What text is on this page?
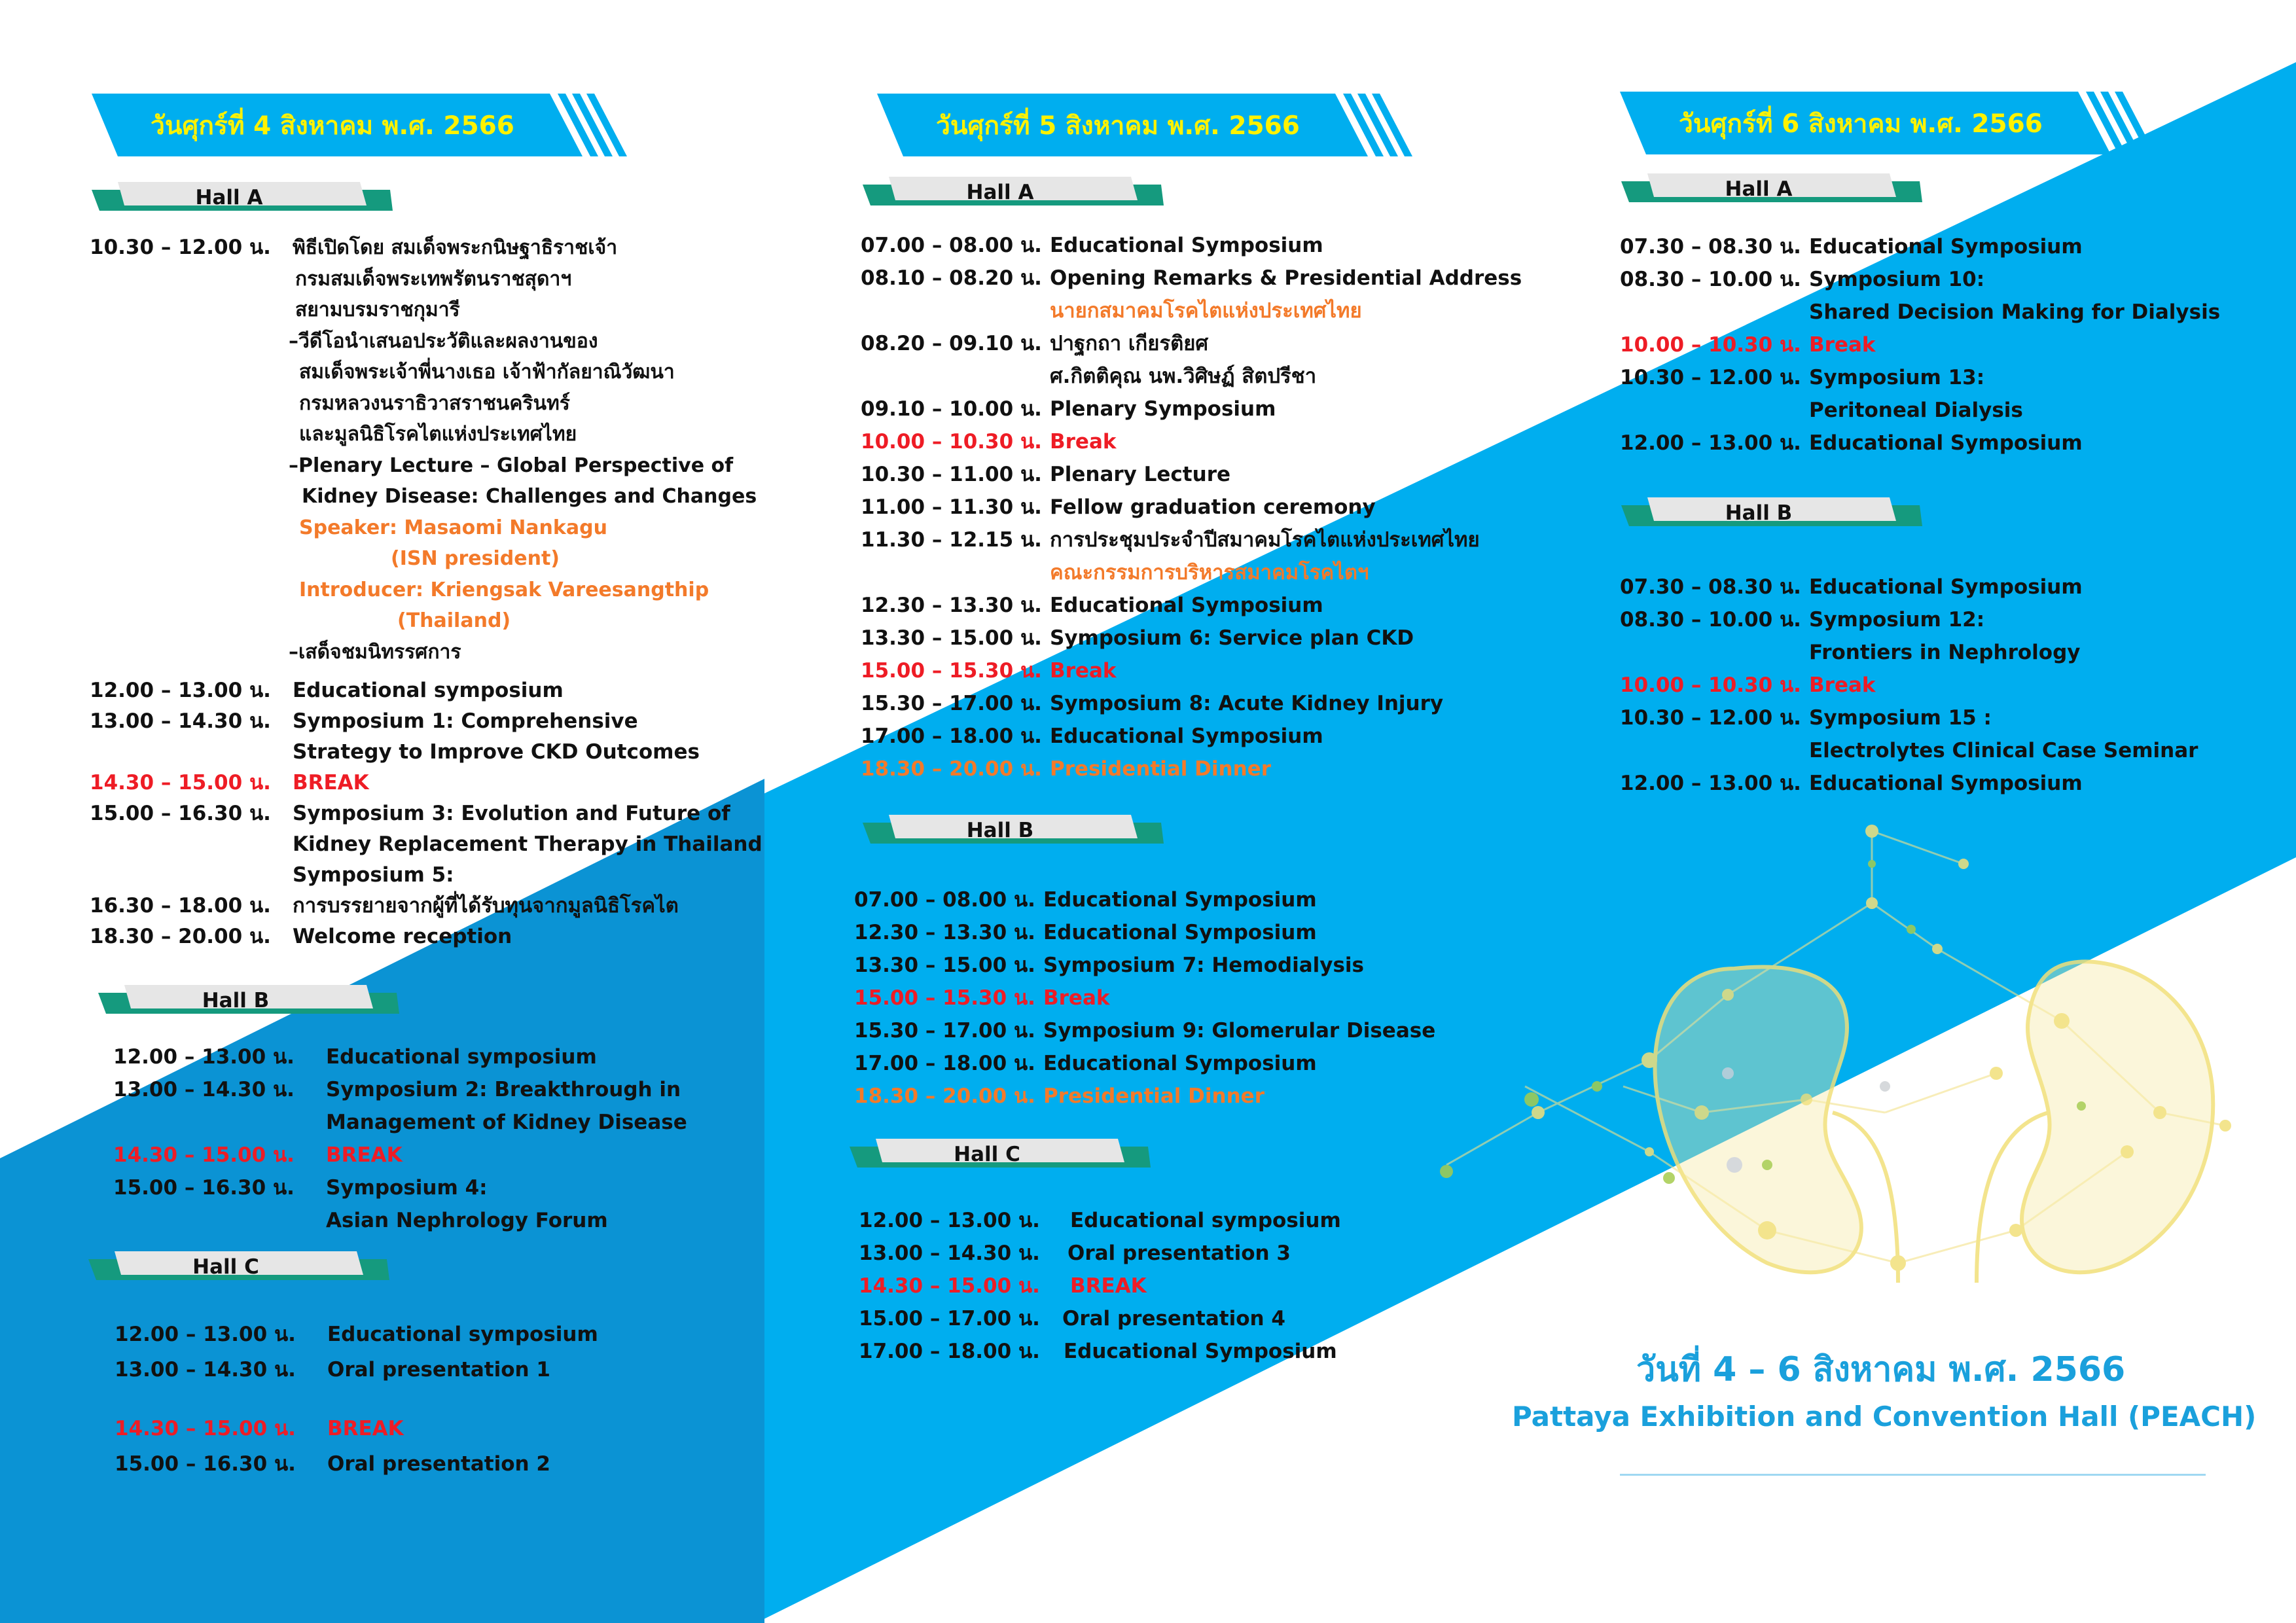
วันศุกร์ที่ 4 สิงหาคม พ.ศ. 2566
Hall A
10.30 – 12.00 น.	พิธีเปิดโดย สมเด็จพระกนิษฐาธิราชเจ้า
กรมสมเด็จพระเทพรัตนราชสุดาฯ
สยามบรมราชกุมารี
–วีดีโอนำเสนอประวัติและผลงานของ
สมเด็จพระเจ้าพี่นางเธอ เจ้าฟ้ากัลยาณิวัฒนา
กรมหลวงนราธิวาสราชนครินทร์
และมูลนิธิโรคไตแห่งประเทศไทย
–Plenary Lecture – Global Perspective of
Kidney Disease: Challenges and Changes
Speaker: Masaomi Nankagu
(ISN president)
Introducer: Kriengsak Vareesangthip
(Thailand)
–เสด็จชมนิทรรศการ
12.00 – 13.00 น.	Educational symposium
13.00 – 14.30 น.	Symposium 1: Comprehensive
Strategy to Improve CKD Outcomes
14.30 – 15.00 น.	BREAK
15.00 – 16.30 น.	Symposium 3: Evolution and Future of
Kidney Replacement Therapy in Thailand
Symposium 5:
16.30 – 18.00 น.	การบรรยายจากผู้ที่ได้รับทุนจากมูลนิธิโรคไต
18.30 – 20.00 น.	Welcome reception
Hall B
12.00 – 13.00 น.	Educational symposium
13.00 – 14.30 น.	Symposium 2: Breakthrough in
Management of Kidney Disease
14.30 – 15.00 น.	BREAK
15.00 – 16.30 น.	Symposium 4:
Asian Nephrology Forum
Hall C
12.00 – 13.00 น.	Educational symposium
13.00 – 14.30 น.	Oral presentation 1
14.30 – 15.00 น.	BREAK
15.00 – 16.30 น.	Oral presentation 2
วันศุกร์ที่ 5 สิงหาคม พ.ศ. 2566
Hall A
07.00 – 08.00 น. Educational Symposium
08.10 – 08.20 น. Opening Remarks & Presidential Address
นายกสมาคมโรคไตแห่งประเทศไทย
08.20 – 09.10 น. ปาฐกถา เกียรติยศ
ศ.กิตติคุณ นพ.วิศิษฏ์ สิตปรีชา
09.10 – 10.00 น. Plenary Symposium
10.00 – 10.30 น. Break
10.30 – 11.00 น. Plenary Lecture
11.00 – 11.30 น. Fellow graduation ceremony
11.30 – 12.15 น. การประชุมประจำปีสมาคมโรคไตแห่งประเทศไทย
คณะกรรมการบริหารสมาคมโรคไตฯ
12.30 – 13.30 น. Educational Symposium
13.30 – 15.00 น. Symposium 6: Service plan CKD
15.00 – 15.30 น. Break
15.30 – 17.00 น. Symposium 8: Acute Kidney Injury
17.00 – 18.00 น. Educational Symposium
18.30 – 20.00 น. Presidential Dinner
Hall B
07.00 – 08.00 น. Educational Symposium
12.30 – 13.30 น. Educational Symposium
13.30 – 15.00 น. Symposium 7: Hemodialysis
15.00 – 15.30 น. Break
15.30 – 17.00 น. Symposium 9: Glomerular Disease
17.00 – 18.00 น. Educational Symposium
18.30 – 20.00 น. Presidential Dinner
Hall C
12.00 – 13.00 น.	Educational symposium
13.00 – 14.30 น.	Oral presentation 3
14.30 – 15.00 น.	BREAK
15.00 – 17.00 น.	Oral presentation 4
17.00 – 18.00 น.	Educational Symposium
วันศุกร์ที่ 6 สิงหาคม พ.ศ. 2566
Hall A
07.30 – 08.30 น. Educational Symposium
08.30 – 10.00 น. Symposium 10:
Shared Decision Making for Dialysis
10.00 – 10.30 น. Break
10.30 – 12.00 น. Symposium 13:
Peritoneal Dialysis
12.00 – 13.00 น. Educational Symposium
Hall B
07.30 – 08.30 น. Educational Symposium
08.30 – 10.00 น. Symposium 12:
Frontiers in Nephrology
10.00 – 10.30 น. Break
10.30 – 12.00 น. Symposium 15 :
Electrolytes Clinical Case Seminar
12.00 – 13.00 น. Educational Symposium
วันที่ 4 – 6 สิงหาคม พ.ศ. 2566
Pattaya Exhibition and Convention Hall (PEACH)
